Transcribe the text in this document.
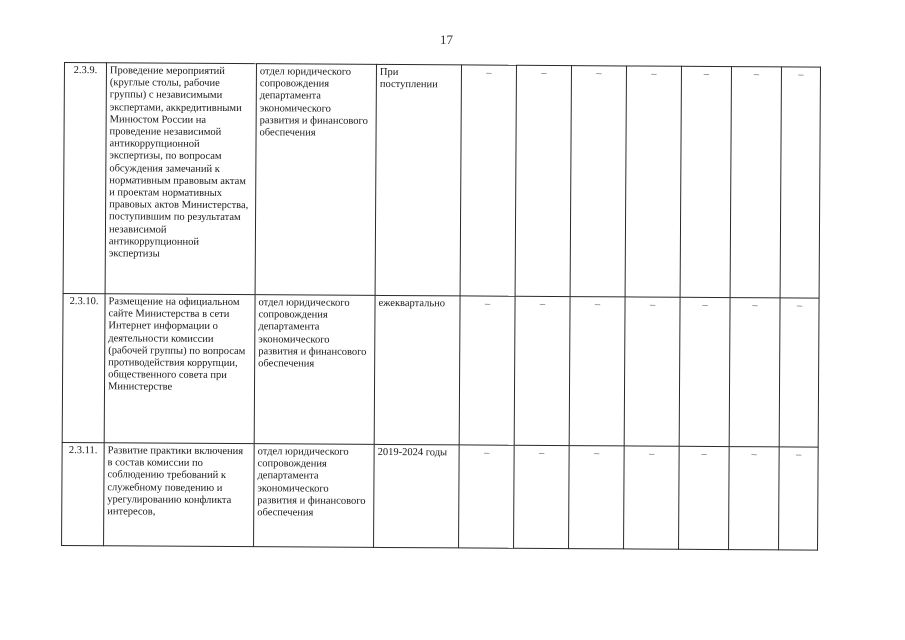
17
2.3.9.	Проведение мероприятий (круглые столы, рабочие группы) с независимыми экспертами, аккредитивными Минюстом России на проведение независимой антикоррупционной экспертизы, по вопросам обсуждения замечаний к нормативным правовым актам и проектам нормативных правовых актов Министерства, поступившим по результатам независимой антикоррупционной экспертизы	отдел юридического сопровождения департамента экономического развития и финансового обеспечения	При поступлении	–	–	–	–	–	–	–
2.3.10.	Размещение на официальном сайте Министерства в сети Интернет информации о деятельности комиссии (рабочей группы) по вопросам противодействия коррупции, общественного совета при Министерстве	отдел юридического сопровождения департамента экономического развития и финансового обеспечения	ежеквартально	–	–	–	–	–	–	–
2.3.11.	Развитие практики включения в состав комиссии по соблюдению требований к служебному поведению и урегулированию конфликта интересов,	отдел юридического сопровождения департамента экономического развития и финансового обеспечения	2019-2024 годы	–	–	–	–	–	–	–
